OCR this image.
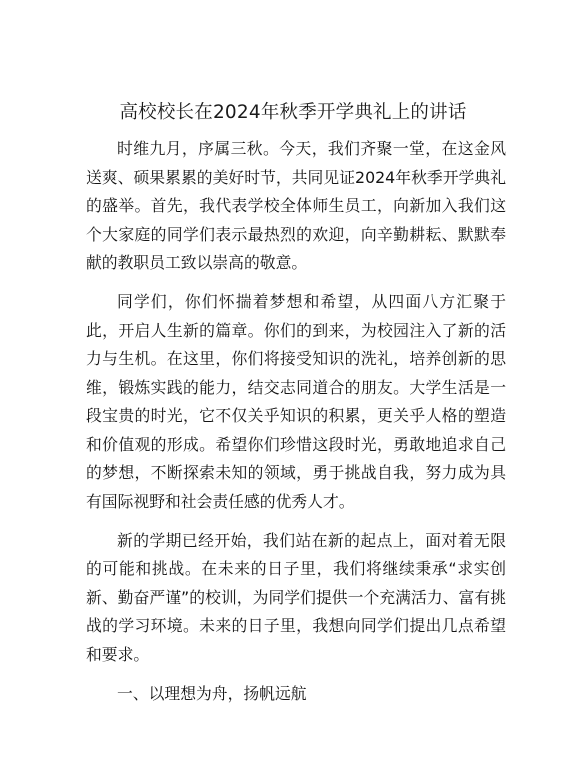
高校校长在2024年秋季开学典礼上的讲话

时维九月，序属三秋。今天，我们齐聚一堂，在这金风送爽、硕果累累的美好时节，共同见证2024年秋季开学典礼的盛举。首先，我代表学校全体师生员工，向新加入我们这个大家庭的同学们表示最热烈的欢迎，向辛勤耕耘、默默奉献的教职员工致以崇高的敬意。

同学们，你们怀揣着梦想和希望，从四面八方汇聚于此，开启人生新的篇章。你们的到来，为校园注入了新的活力与生机。在这里，你们将接受知识的洗礼，培养创新的思维，锻炼实践的能力，结交志同道合的朋友。大学生活是一段宝贵的时光，它不仅关乎知识的积累，更关乎人格的塑造和价值观的形成。希望你们珍惜这段时光，勇敢地追求自己的梦想，不断探索未知的领域，勇于挑战自我，努力成为具有国际视野和社会责任感的优秀人才。

新的学期已经开始，我们站在新的起点上，面对着无限的可能和挑战。在未来的日子里，我们将继续秉承“求实创新、勤奋严谨”的校训，为同学们提供一个充满活力、富有挑战的学习环境。未来的日子里，我想向同学们提出几点希望和要求。

一、以理想为舟，扬帆远航
